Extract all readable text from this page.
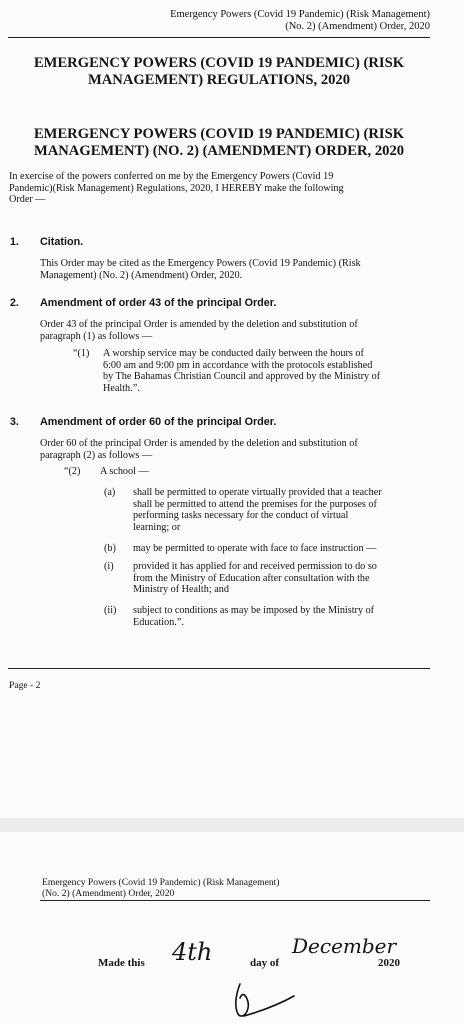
Emergency Powers (Covid 19 Pandemic) (Risk Management)
(No. 2) (Amendment) Order, 2020
EMERGENCY POWERS (COVID 19 PANDEMIC) (RISK
MANAGEMENT) REGULATIONS, 2020
EMERGENCY POWERS (COVID 19 PANDEMIC) (RISK
MANAGEMENT) (NO. 2) (AMENDMENT) ORDER, 2020
In exercise of the powers conferred on me by the Emergency Powers (Covid 19
Pandemic)(Risk Management) Regulations, 2020, I HEREBY make the following
Order —
1. Citation.
This Order may be cited as the Emergency Powers (Covid 19 Pandemic) (Risk
Management) (No. 2) (Amendment) Order, 2020.
2. Amendment of order 43 of the principal Order.
Order 43 of the principal Order is amended by the deletion and substitution of
paragraph (1) as follows —
“(1) A worship service may be conducted daily between the hours of
6:00 am and 9:00 pm in accordance with the protocols established
by The Bahamas Christian Council and approved by the Ministry of
Health.”.
3. Amendment of order 60 of the principal Order.
Order 60 of the principal Order is amended by the deletion and substitution of
paragraph (2) as follows —
“(2) A school —
(a) shall be permitted to operate virtually provided that a teacher
shall be permitted to attend the premises for the purposes of
performing tasks necessary for the conduct of virtual
learning; or
(b) may be permitted to operate with face to face instruction —
(i) provided it has applied for and received permission to do so
from the Ministry of Education after consultation with the
Ministry of Health; and
(ii) subject to conditions as may be imposed by the Ministry of
Education.”.
Page - 2
Emergency Powers (Covid 19 Pandemic) (Risk Management)
(No. 2) (Amendment) Order, 2020
Made this 4th	day of
December
2020
